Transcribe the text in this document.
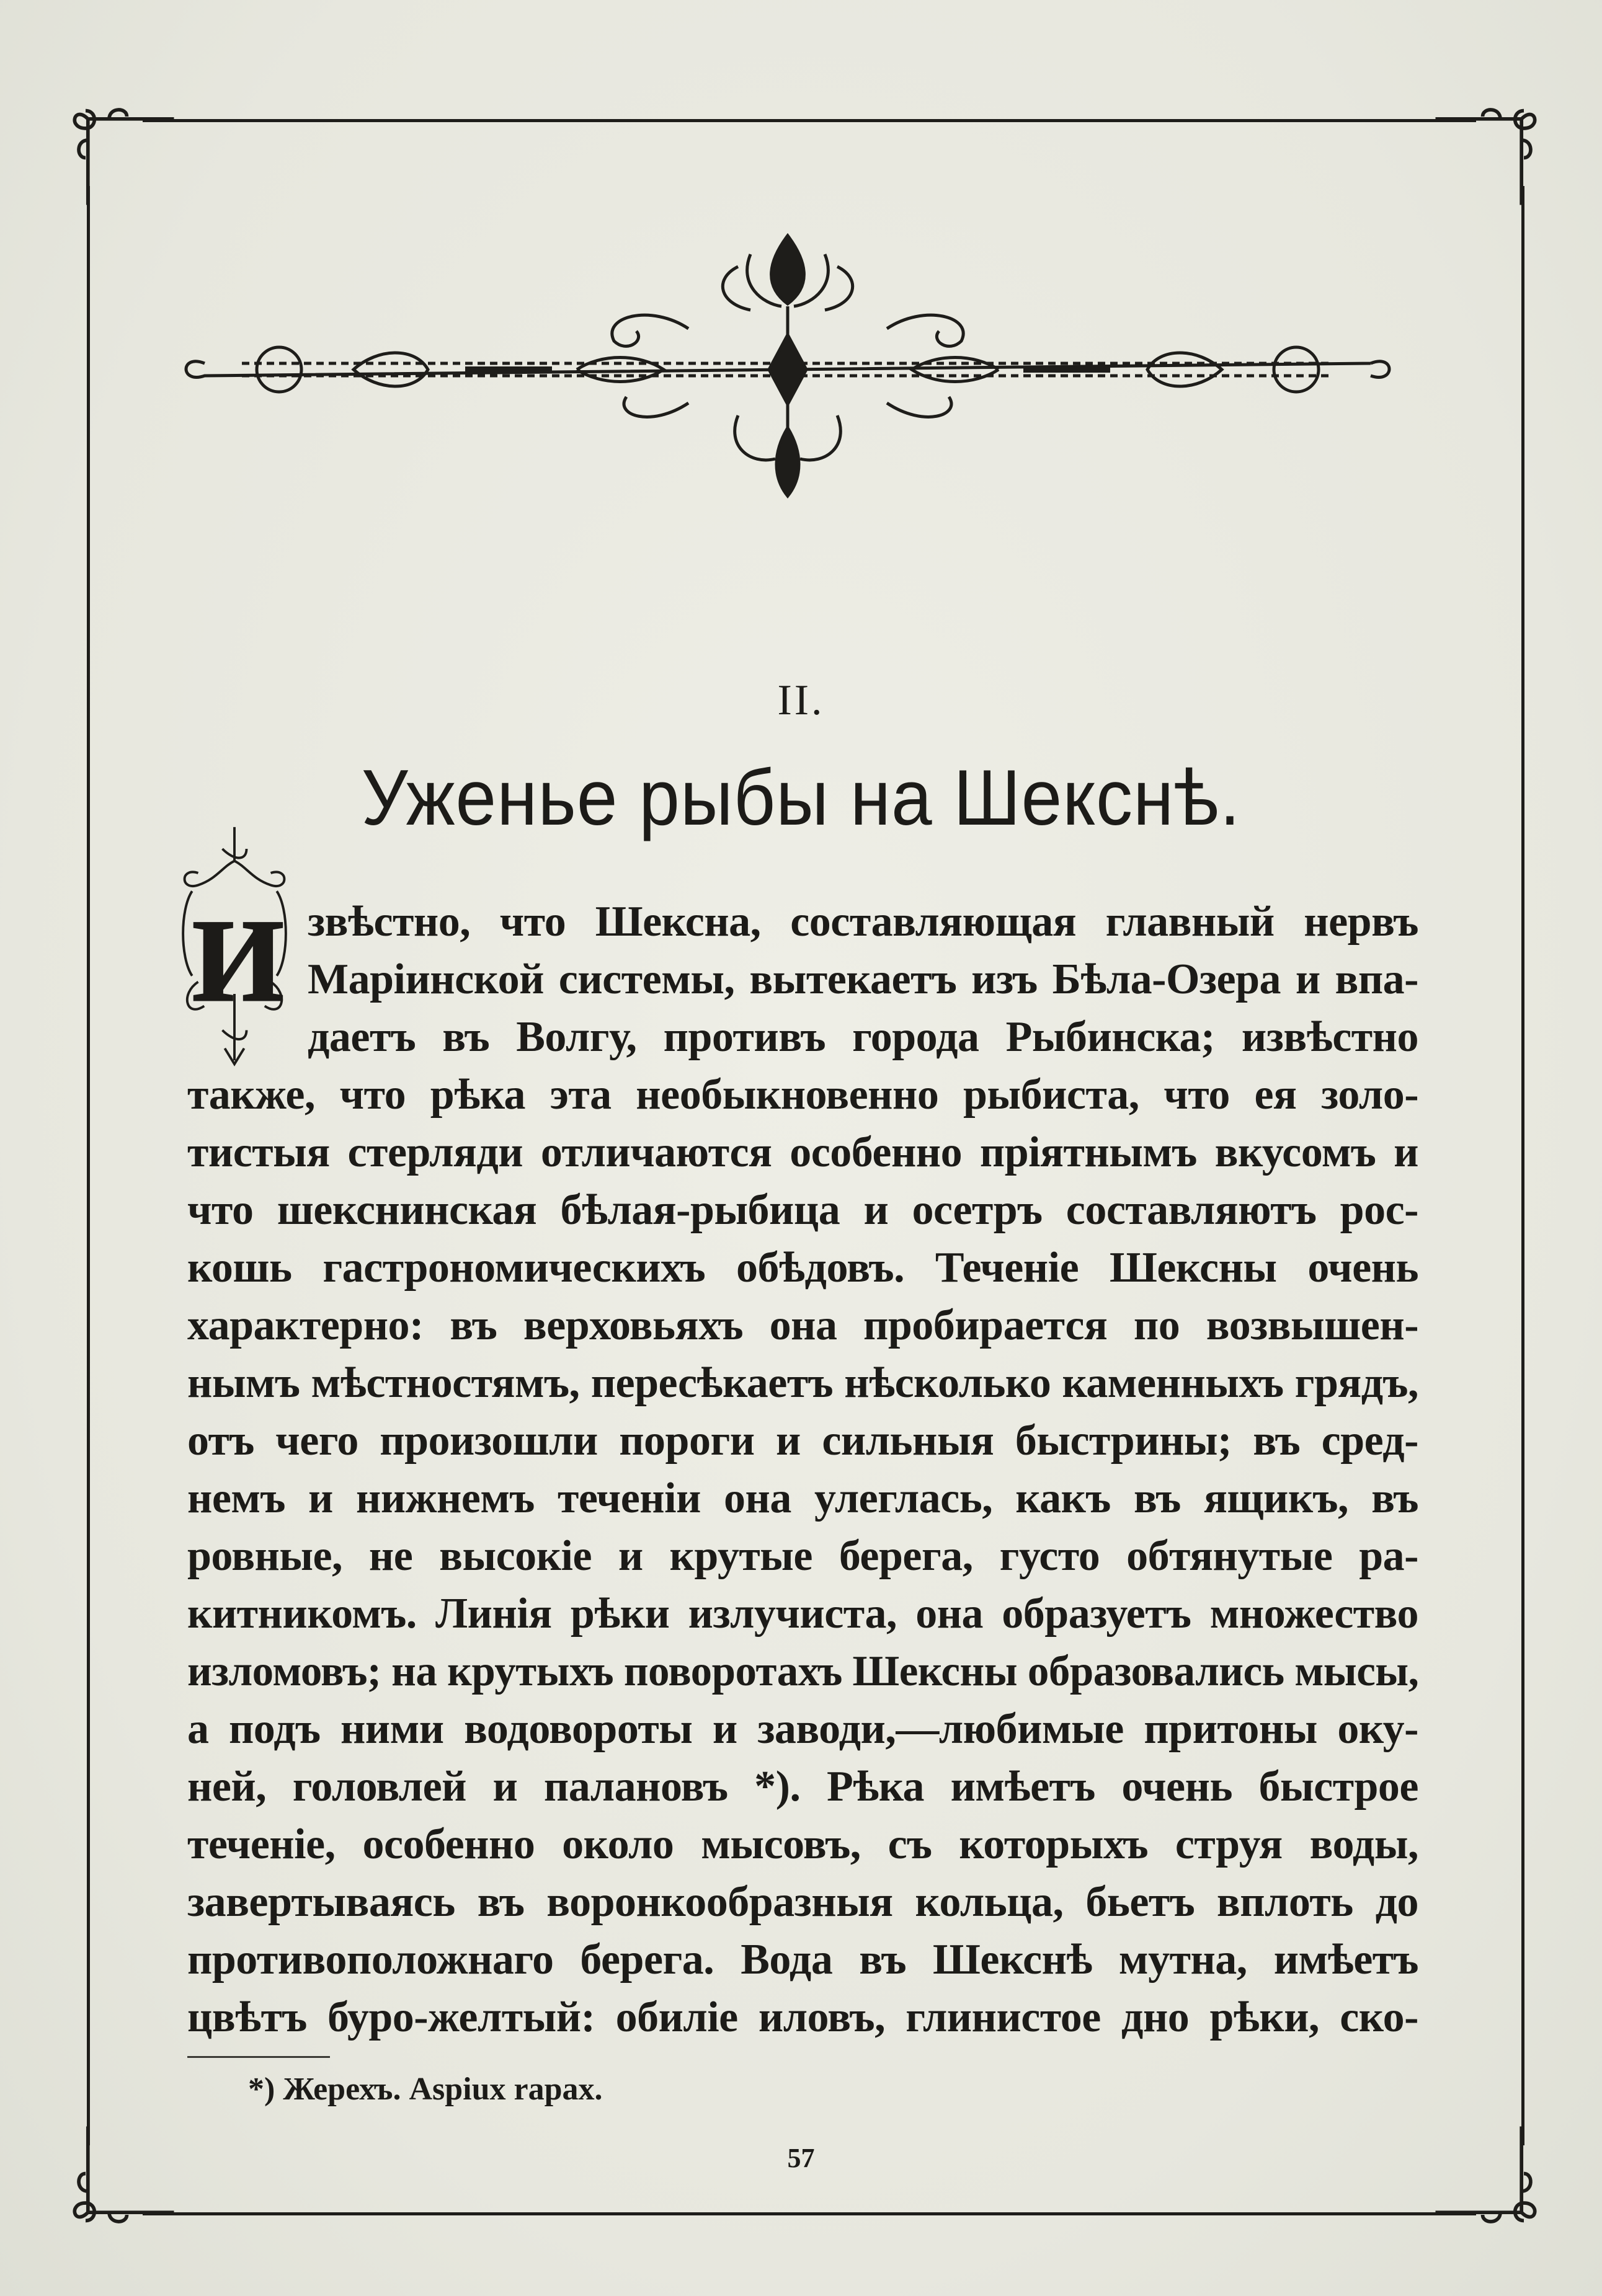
II.
Уженье рыбы на Шекснѣ.
И звѣстно, что Шексна, составляющая главный нервъ
Маріинской системы, вытекаетъ изъ Бѣла-Озера и впа-
даетъ въ Волгу, противъ города Рыбинска; извѣстно
также, что рѣка эта необыкновенно рыбиста, что ея золо-
тистыя стерляди отличаются особенно пріятнымъ вкусомъ и
что шекснинская бѣлая-рыбица и осетръ составляютъ рос-
кошь гастрономическихъ обѣдовъ. Теченіе Шексны очень
характерно: въ верховьяхъ она пробирается по возвышен-
нымъ мѣстностямъ, пересѣкаетъ нѣсколько каменныхъ грядъ,
отъ чего произошли пороги и сильныя быстрины; въ сред-
немъ и нижнемъ теченіи она улеглась, какъ въ ящикъ, въ
ровные, не высокіе и крутые берега, густо обтянутые ра-
китникомъ. Линія рѣки излучиста, она образуетъ множество
изломовъ; на крутыхъ поворотахъ Шексны образовались мысы,
а подъ ними водовороты и заводи,—любимые притоны оку-
ней, головлей и палановъ *). Рѣка имѣетъ очень быстрое
теченіе, особенно около мысовъ, съ которыхъ струя воды,
завертываясь въ воронкообразныя кольца, бьетъ вплоть до
противоположнаго берега. Вода въ Шекснѣ мутна, имѣетъ
цвѣтъ буро-желтый: обиліе иловъ, глинистое дно рѣки, ско-
*) Жерехъ. Aspiux rapax.
57
